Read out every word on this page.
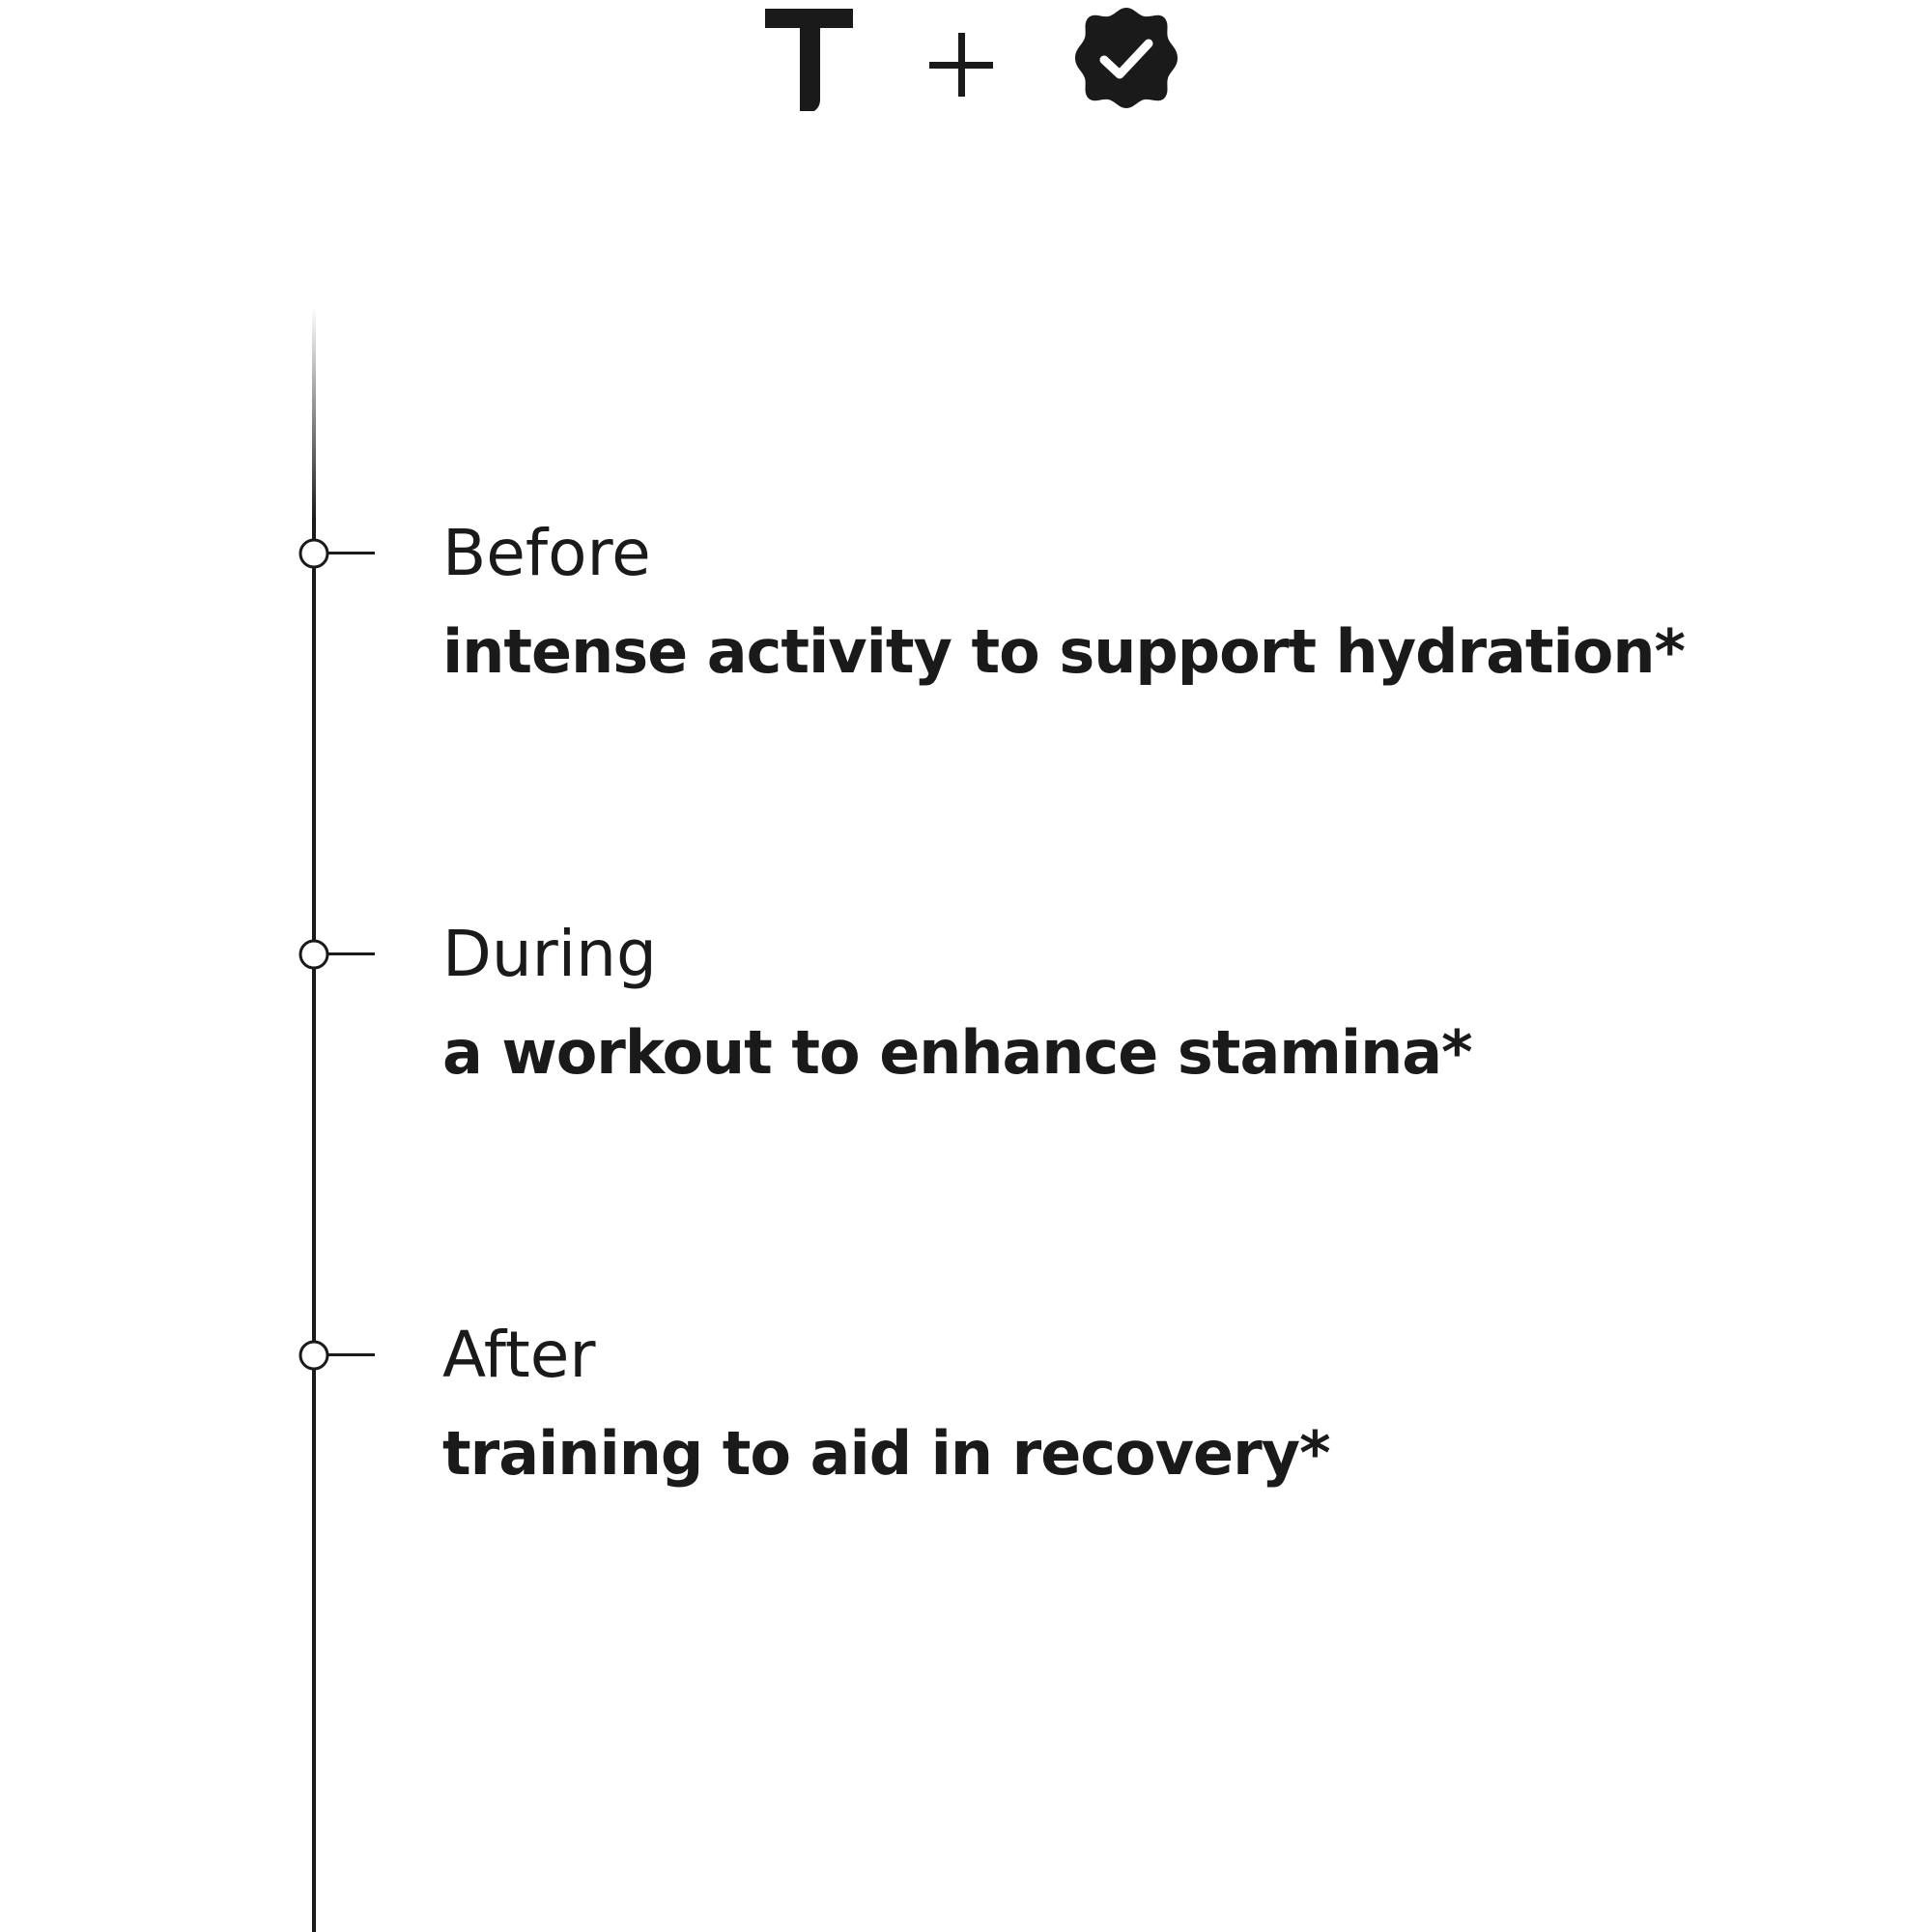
Before
intense activity to support hydration*
During
a workout to enhance stamina*
After
training to aid in recovery*
